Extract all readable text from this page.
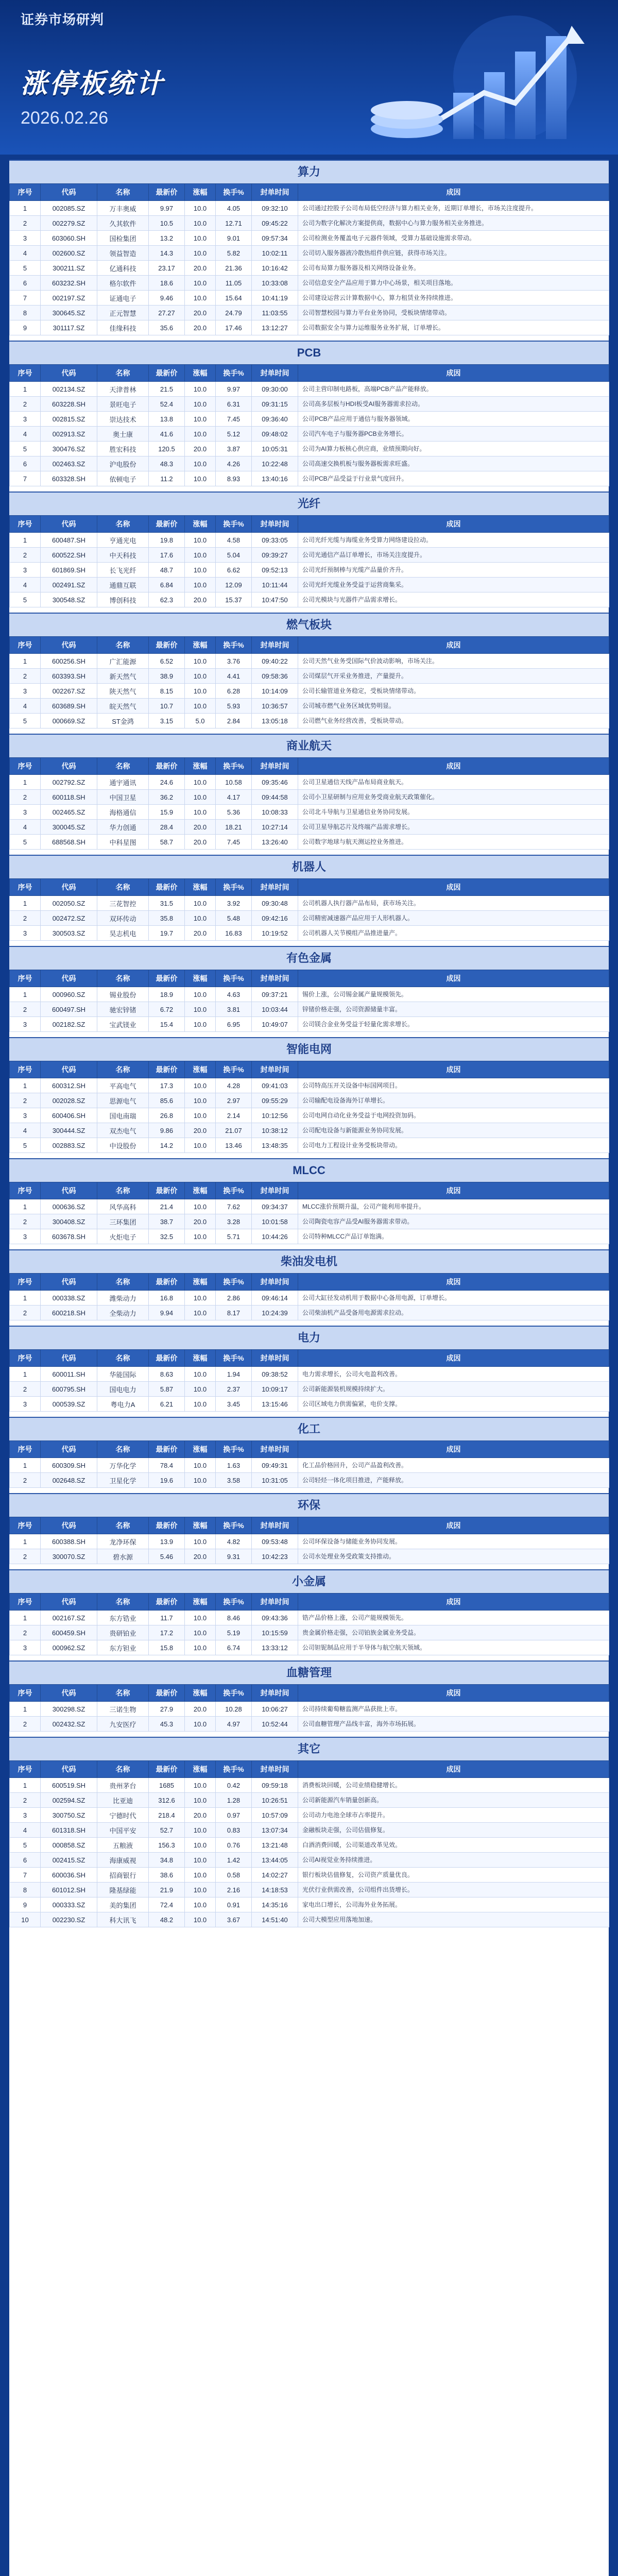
证券市场研判
涨停板统计
2026.02.26
算力
序号	代码	名称	最新价	涨幅	换手%	封单时间	成因
1	002085.SZ	万丰奥威	9.97	10.0	4.05	09:32:10	公司通过控股子公司布局低空经济与算力相关业务，近期订单增长，市场关注度提升。
2	002279.SZ	久其软件	10.5	10.0	12.71	09:45:22	公司为数字化解决方案提供商，数据中心与算力服务相关业务推进。
3	603060.SH	国检集团	13.2	10.0	9.01	09:57:34	公司检测业务覆盖电子元器件领域，受算力基础设施需求带动。
4	002600.SZ	领益智造	14.3	10.0	5.82	10:02:11	公司切入服务器液冷散热组件供应链，获得市场关注。
5	300211.SZ	亿通科技	23.17	20.0	21.36	10:16:42	公司布局算力服务器及相关网络设备业务。
6	603232.SH	格尔软件	18.6	10.0	11.05	10:33:08	公司信息安全产品应用于算力中心场景，相关项目落地。
7	002197.SZ	证通电子	9.46	10.0	15.64	10:41:19	公司建设运营云计算数据中心，算力租赁业务持续推进。
8	300645.SZ	正元智慧	27.27	20.0	24.79	11:03:55	公司智慧校园与算力平台业务协同，受板块情绪带动。
9	301117.SZ	佳缘科技	35.6	20.0	17.46	13:12:27	公司数据安全与算力运维服务业务扩展，订单增长。
PCB
序号	代码	名称	最新价	涨幅	换手%	封单时间	成因
1	002134.SZ	天津普林	21.5	10.0	9.97	09:30:00	公司主营印制电路板，高端PCB产品产能释放。
2	603228.SH	景旺电子	52.4	10.0	6.31	09:31:15	公司高多层板与HDI板受AI服务器需求拉动。
3	002815.SZ	崇达技术	13.8	10.0	7.45	09:36:40	公司PCB产品应用于通信与服务器领域。
4	002913.SZ	奥士康	41.6	10.0	5.12	09:48:02	公司汽车电子与服务器PCB业务增长。
5	300476.SZ	胜宏科技	120.5	20.0	3.87	10:05:31	公司为AI算力板核心供应商，业绩预期向好。
6	002463.SZ	沪电股份	48.3	10.0	4.26	10:22:48	公司高速交换机板与服务器板需求旺盛。
7	603328.SH	依顿电子	11.2	10.0	8.93	13:40:16	公司PCB产品受益于行业景气度回升。
光纤
序号	代码	名称	最新价	涨幅	换手%	封单时间	成因
1	600487.SH	亨通光电	19.8	10.0	4.58	09:33:05	公司光纤光缆与海缆业务受算力网络建设拉动。
2	600522.SH	中天科技	17.6	10.0	5.04	09:39:27	公司光通信产品订单增长，市场关注度提升。
3	601869.SH	长飞光纤	48.7	10.0	6.62	09:52:13	公司光纤预制棒与光缆产品量价齐升。
4	002491.SZ	通鼎互联	6.84	10.0	12.09	10:11:44	公司光纤光缆业务受益于运营商集采。
5	300548.SZ	博创科技	62.3	20.0	15.37	10:47:50	公司光模块与光器件产品需求增长。
燃气板块
序号	代码	名称	最新价	涨幅	换手%	封单时间	成因
1	600256.SH	广汇能源	6.52	10.0	3.76	09:40:22	公司天然气业务受国际气价波动影响，市场关注。
2	603393.SH	新天然气	38.9	10.0	4.41	09:58:36	公司煤层气开采业务推进，产量提升。
3	002267.SZ	陕天然气	8.15	10.0	6.28	10:14:09	公司长输管道业务稳定，受板块情绪带动。
4	603689.SH	皖天然气	10.7	10.0	5.93	10:36:57	公司城市燃气业务区域优势明显。
5	000669.SZ	ST金鸿	3.15	5.0	2.84	13:05:18	公司燃气业务经营改善，受板块带动。
商业航天
序号	代码	名称	最新价	涨幅	换手%	封单时间	成因
1	002792.SZ	通宇通讯	24.6	10.0	10.58	09:35:46	公司卫星通信天线产品布局商业航天。
2	600118.SH	中国卫星	36.2	10.0	4.17	09:44:58	公司小卫星研制与应用业务受商业航天政策催化。
3	002465.SZ	海格通信	15.9	10.0	5.36	10:08:33	公司北斗导航与卫星通信业务协同发展。
4	300045.SZ	华力创通	28.4	20.0	18.21	10:27:14	公司卫星导航芯片及终端产品需求增长。
5	688568.SH	中科星图	58.7	20.0	7.45	13:26:40	公司数字地球与航天测运控业务推进。
机器人
序号	代码	名称	最新价	涨幅	换手%	封单时间	成因
1	002050.SZ	三花智控	31.5	10.0	3.92	09:30:48	公司机器人执行器产品布局，获市场关注。
2	002472.SZ	双环传动	35.8	10.0	5.48	09:42:16	公司精密减速器产品应用于人形机器人。
3	300503.SZ	昊志机电	19.7	20.0	16.83	10:19:52	公司机器人关节模组产品推进量产。
有色金属
序号	代码	名称	最新价	涨幅	换手%	封单时间	成因
1	000960.SZ	锡业股份	18.9	10.0	4.63	09:37:21	锡价上涨，公司锡金属产量规模领先。
2	600497.SH	驰宏锌锗	6.72	10.0	3.81	10:03:44	锌锗价格走强，公司资源储量丰富。
3	002182.SZ	宝武镁业	15.4	10.0	6.95	10:49:07	公司镁合金业务受益于轻量化需求增长。
智能电网
序号	代码	名称	最新价	涨幅	换手%	封单时间	成因
1	600312.SH	平高电气	17.3	10.0	4.28	09:41:03	公司特高压开关设备中标国网项目。
2	002028.SZ	思源电气	85.6	10.0	2.97	09:55:29	公司输配电设备海外订单增长。
3	600406.SH	国电南瑞	26.8	10.0	2.14	10:12:56	公司电网自动化业务受益于电网投资加码。
4	300444.SZ	双杰电气	9.86	20.0	21.07	10:38:12	公司配电设备与新能源业务协同发展。
5	002883.SZ	中设股份	14.2	10.0	13.46	13:48:35	公司电力工程设计业务受板块带动。
MLCC
序号	代码	名称	最新价	涨幅	换手%	封单时间	成因
1	000636.SZ	风华高科	21.4	10.0	7.62	09:34:37	MLCC涨价预期升温，公司产能利用率提升。
2	300408.SZ	三环集团	38.7	20.0	3.28	10:01:58	公司陶瓷电容产品受AI服务器需求带动。
3	603678.SH	火炬电子	32.5	10.0	5.71	10:44:26	公司特种MLCC产品订单饱满。
柴油发电机
序号	代码	名称	最新价	涨幅	换手%	封单时间	成因
1	000338.SZ	潍柴动力	16.8	10.0	2.86	09:46:14	公司大缸径发动机用于数据中心备用电源，订单增长。
2	600218.SH	全柴动力	9.94	10.0	8.17	10:24:39	公司柴油机产品受备用电源需求拉动。
电力
序号	代码	名称	最新价	涨幅	换手%	封单时间	成因
1	600011.SH	华能国际	8.63	10.0	1.94	09:38:52	电力需求增长，公司火电盈利改善。
2	600795.SH	国电电力	5.87	10.0	2.37	10:09:17	公司新能源装机规模持续扩大。
3	000539.SZ	粤电力A	6.21	10.0	3.45	13:15:46	公司区域电力供需偏紧，电价支撑。
化工
序号	代码	名称	最新价	涨幅	换手%	封单时间	成因
1	600309.SH	万华化学	78.4	10.0	1.63	09:49:31	化工品价格回升，公司产品盈利改善。
2	002648.SZ	卫星化学	19.6	10.0	3.58	10:31:05	公司轻烃一体化项目推进，产能释放。
环保
序号	代码	名称	最新价	涨幅	换手%	封单时间	成因
1	600388.SH	龙净环保	13.9	10.0	4.82	09:53:48	公司环保设备与储能业务协同发展。
2	300070.SZ	碧水源	5.46	20.0	9.31	10:42:23	公司水处理业务受政策支持推动。
小金属
序号	代码	名称	最新价	涨幅	换手%	封单时间	成因
1	002167.SZ	东方锆业	11.7	10.0	8.46	09:43:36	锆产品价格上涨，公司产能规模领先。
2	600459.SH	贵研铂业	17.2	10.0	5.19	10:15:59	贵金属价格走强，公司铂族金属业务受益。
3	000962.SZ	东方钽业	15.8	10.0	6.74	13:33:12	公司钽铌制品应用于半导体与航空航天领域。
血糖管理
序号	代码	名称	最新价	涨幅	换手%	封单时间	成因
1	300298.SZ	三诺生物	27.9	20.0	10.28	10:06:27	公司持续葡萄糖监测产品获批上市。
2	002432.SZ	九安医疗	45.3	10.0	4.97	10:52:44	公司血糖管理产品线丰富，海外市场拓展。
其它
序号	代码	名称	最新价	涨幅	换手%	封单时间	成因
1	600519.SH	贵州茅台	1685	10.0	0.42	09:59:18	消费板块回暖，公司业绩稳健增长。
2	002594.SZ	比亚迪	312.6	10.0	1.28	10:26:51	公司新能源汽车销量创新高。
3	300750.SZ	宁德时代	218.4	20.0	0.97	10:57:09	公司动力电池全球市占率提升。
4	601318.SH	中国平安	52.7	10.0	0.83	13:07:34	金融板块走强，公司估值修复。
5	000858.SZ	五粮液	156.3	10.0	0.76	13:21:48	白酒消费回暖，公司渠道改革见效。
6	002415.SZ	海康威视	34.8	10.0	1.42	13:44:05	公司AI视觉业务持续推进。
7	600036.SH	招商银行	38.6	10.0	0.58	14:02:27	银行板块估值修复，公司资产质量优良。
8	601012.SH	隆基绿能	21.9	10.0	2.16	14:18:53	光伏行业供需改善，公司组件出货增长。
9	000333.SZ	美的集团	72.4	10.0	0.91	14:35:16	家电出口增长，公司海外业务拓展。
10	002230.SZ	科大讯飞	48.2	10.0	3.67	14:51:40	公司大模型应用落地加速。
